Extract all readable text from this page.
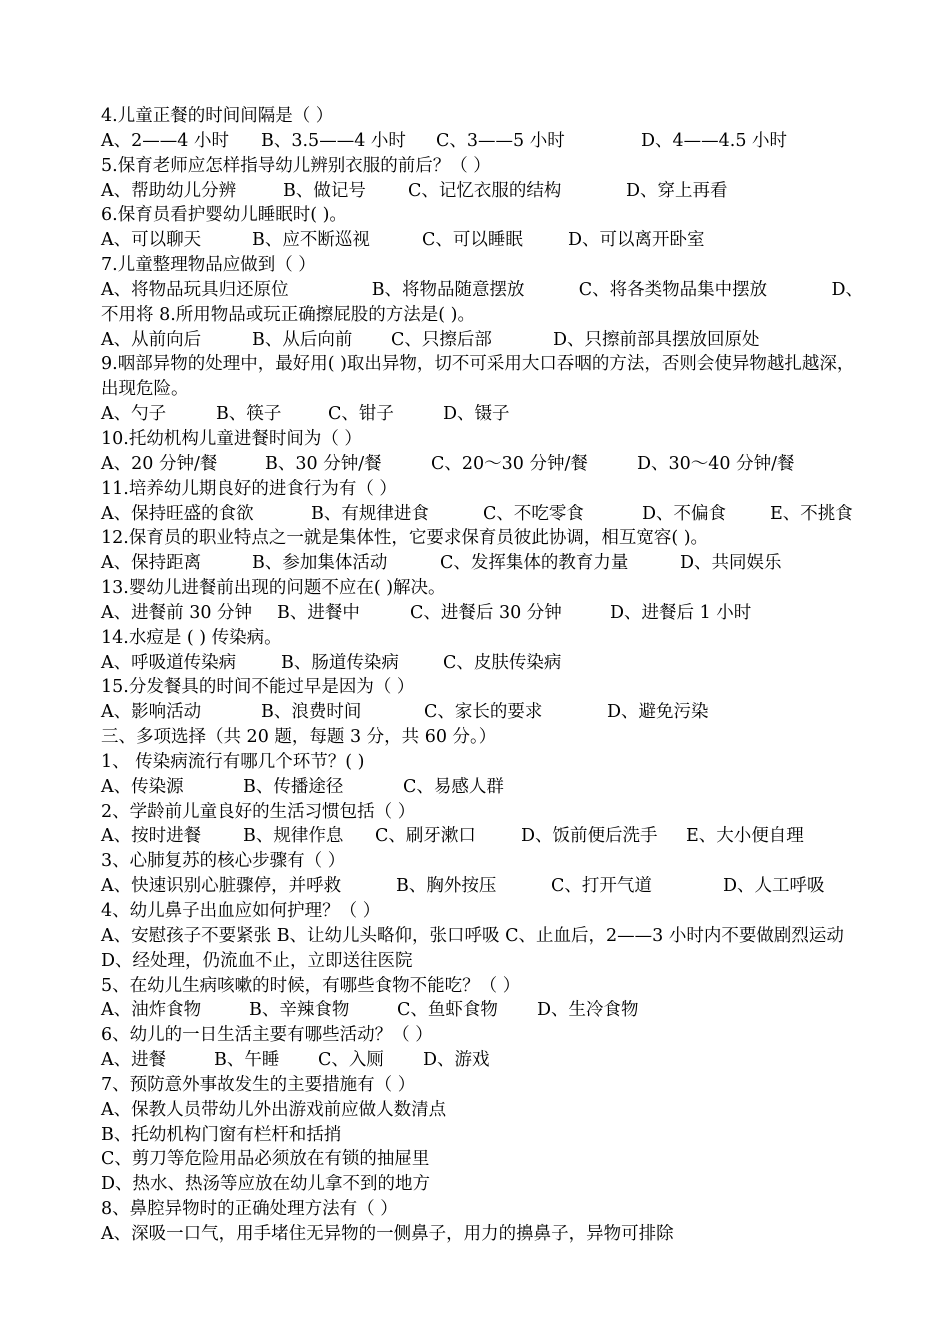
4.儿童正餐的时间间隔是（ ）
A、2——4 小时	B、3.5——4 小时	C、3——5 小时	D、4——4.5 小时
5.保育老师应怎样指导幼儿辨别衣服的前后？（ ）
A、帮助幼儿分辨	B、做记号	C、记忆衣服的结构	D、穿上再看
6.保育员看护婴幼儿睡眠时( )。
A、可以聊天	B、应不断巡视	C、可以睡眠	D、可以离开卧室
7.儿童整理物品应做到（ ）
A、将物品玩具归还原位	B、将物品随意摆放	C、将各类物品集中摆放	D、
不用将 8.所用物品或玩正确擦屁股的方法是( )。
A、从前向后	B、从后向前	C、只擦后部	D、只擦前部具摆放回原处
9.咽部异物的处理中，最好用( )取出异物，切不可采用大口吞咽的方法，否则会使异物越扎越深，出现危险。
A、勺子	B、筷子	C、钳子	D、镊子
10.托幼机构儿童进餐时间为（ ）
A、20 分钟/餐	B、30 分钟/餐	C、20～30 分钟/餐	D、30～40 分钟/餐
11.培养幼儿期良好的进食行为有（ ）
A、保持旺盛的食欲	B、有规律进食	C、不吃零食	D、不偏食	E、不挑食
12.保育员的职业特点之一就是集体性，它要求保育员彼此协调，相互宽容( )。
A、保持距离	B、参加集体活动	C、发挥集体的教育力量	D、共同娱乐
13.婴幼儿进餐前出现的问题不应在( )解决。
A、进餐前 30 分钟	B、进餐中	C、进餐后 30 分钟	D、进餐后 1 小时
14.水痘是 ( ) 传染病。
A、呼吸道传染病	B、肠道传染病	C、皮肤传染病
15.分发餐具的时间不能过早是因为（ ）
A、影响活动	B、浪费时间	C、家长的要求	D、避免污染
三、多项选择（共 20 题，每题 3 分，共 60 分。）
1、 传染病流行有哪几个环节？( )
A、传染源	B、传播途径	C、易感人群
2、学龄前儿童良好的生活习惯包括（ ）
A、按时进餐	B、规律作息	C、刷牙漱口	D、饭前便后洗手	E、大小便自理
3、心肺复苏的核心步骤有（ ）
A、快速识别心脏骤停，并呼救	B、胸外按压	C、打开气道	D、人工呼吸
4、幼儿鼻子出血应如何护理？（ ）
A、安慰孩子不要紧张 B、让幼儿头略仰，张口呼吸 C、止血后，2——3 小时内不要做剧烈运动 D、经处理，仍流血不止，立即送往医院
5、在幼儿生病咳嗽的时候，有哪些食物不能吃？（ ）
A、油炸食物	B、辛辣食物	C、鱼虾食物	D、生冷食物
6、幼儿的一日生活主要有哪些活动？（ ）
A、进餐	B、午睡	C、入厕	D、游戏
7、预防意外事故发生的主要措施有（ ）
A、保教人员带幼儿外出游戏前应做人数清点
B、托幼机构门窗有栏杆和括捎
C、剪刀等危险用品必须放在有锁的抽屉里
D、热水、热汤等应放在幼儿拿不到的地方
8、鼻腔异物时的正确处理方法有（ ）
A、深吸一口气，用手堵住无异物的一侧鼻子，用力的擤鼻子，异物可排除
